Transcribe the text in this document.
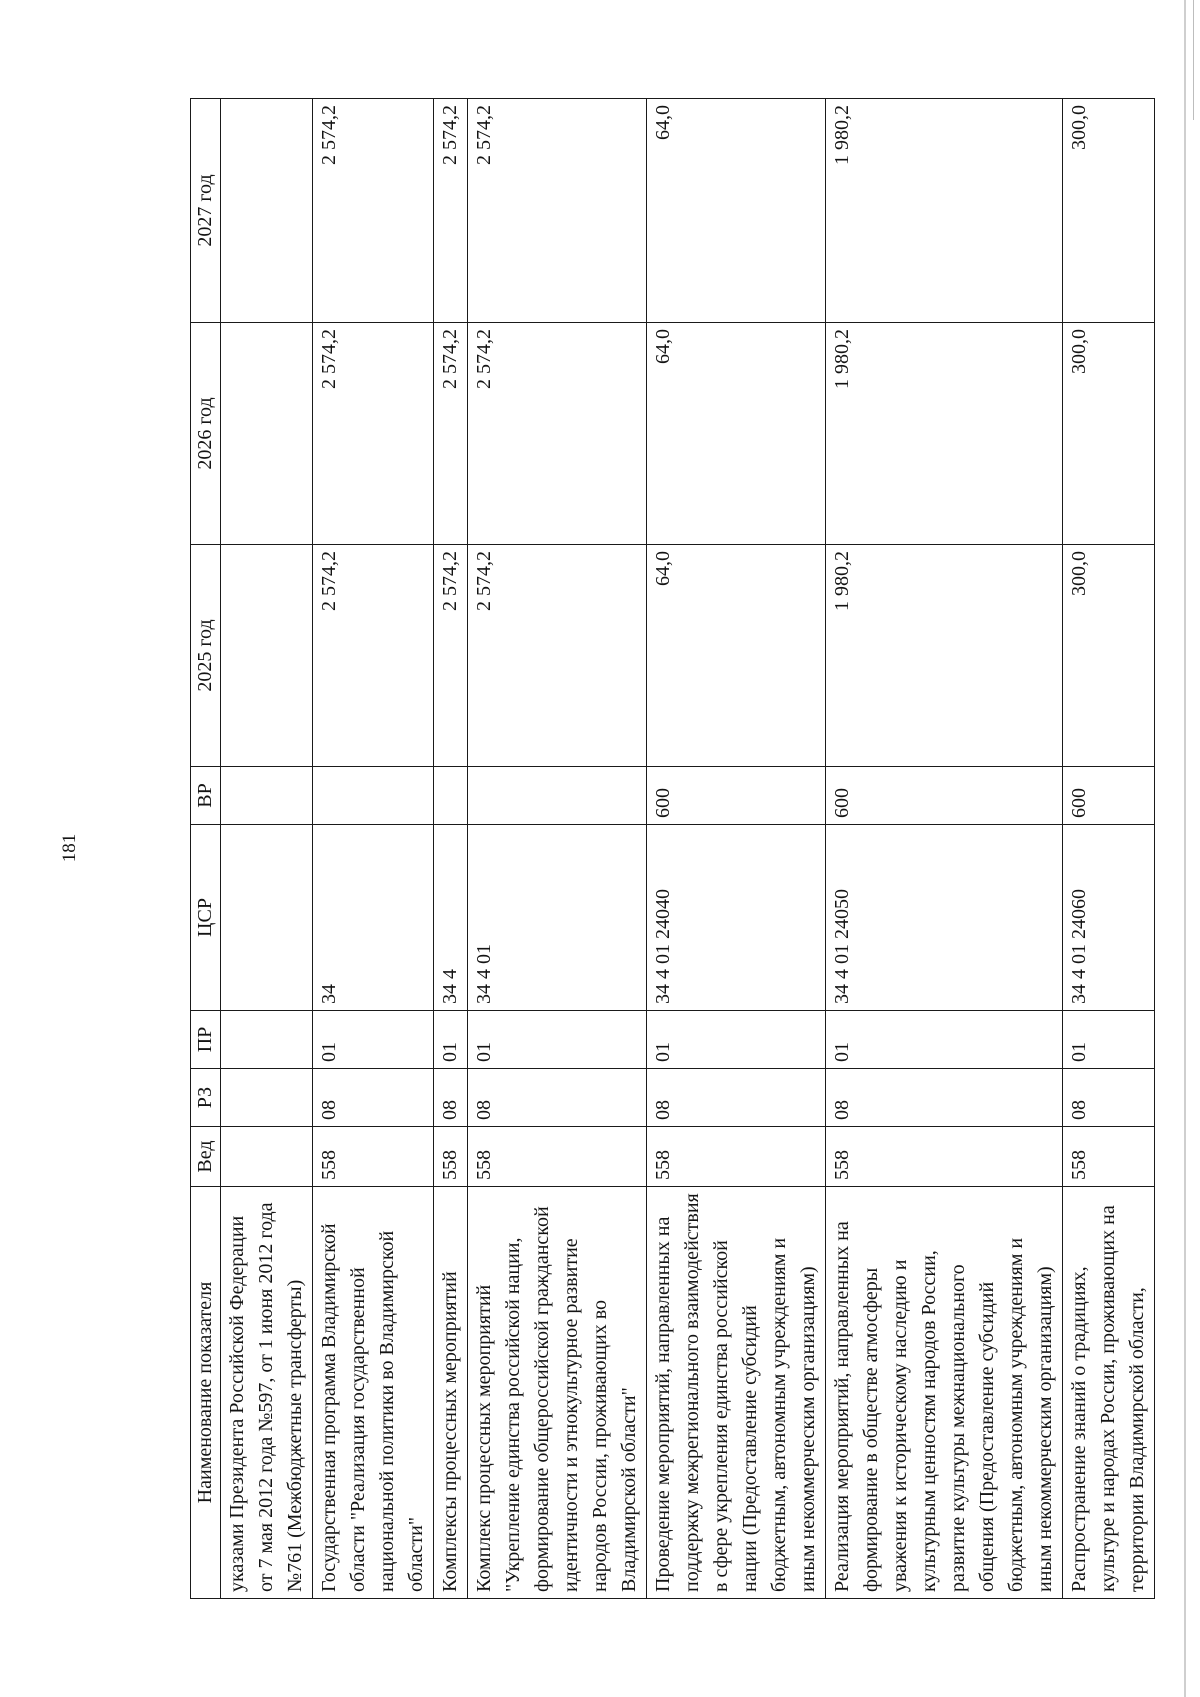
181
Наименование показателя	Вед	РЗ	ПР	ЦСР	ВР	2025 год	2026 год	2027 год
указами Президента Российской Федерации от 7 мая 2012 года №597, от 1 июня 2012 года №761 (Межбюджетные трансферты)								
Государственная программа Владимирской области "Реализация государственной национальной политики во Владимирской области"	558	08	01	34		2 574,2	2 574,2	2 574,2
Комплексы процессных мероприятий	558	08	01	34 4		2 574,2	2 574,2	2 574,2
Комплекс процессных мероприятий "Укрепление единства российской нации, формирование общероссийской гражданской идентичности и этнокультурное развитие народов России, проживающих во Владимирской области"	558	08	01	34 4 01		2 574,2	2 574,2	2 574,2
Проведение мероприятий, направленных на поддержку межрегионального взаимодействия в сфере укрепления единства российской нации (Предоставление субсидий бюджетным, автономным учреждениям и иным некоммерческим организациям)	558	08	01	34 4 01 24040	600	64,0	64,0	64,0
Реализация мероприятий, направленных на формирование в обществе атмосферы уважения к историческому наследию и культурным ценностям народов России, развитие культуры межнационального общения (Предоставление субсидий бюджетным, автономным учреждениям и иным некоммерческим организациям)	558	08	01	34 4 01 24050	600	1 980,2	1 980,2	1 980,2
Распространение знаний о традициях, культуре и народах России, проживающих на территории Владимирской области,	558	08	01	34 4 01 24060	600	300,0	300,0	300,0
